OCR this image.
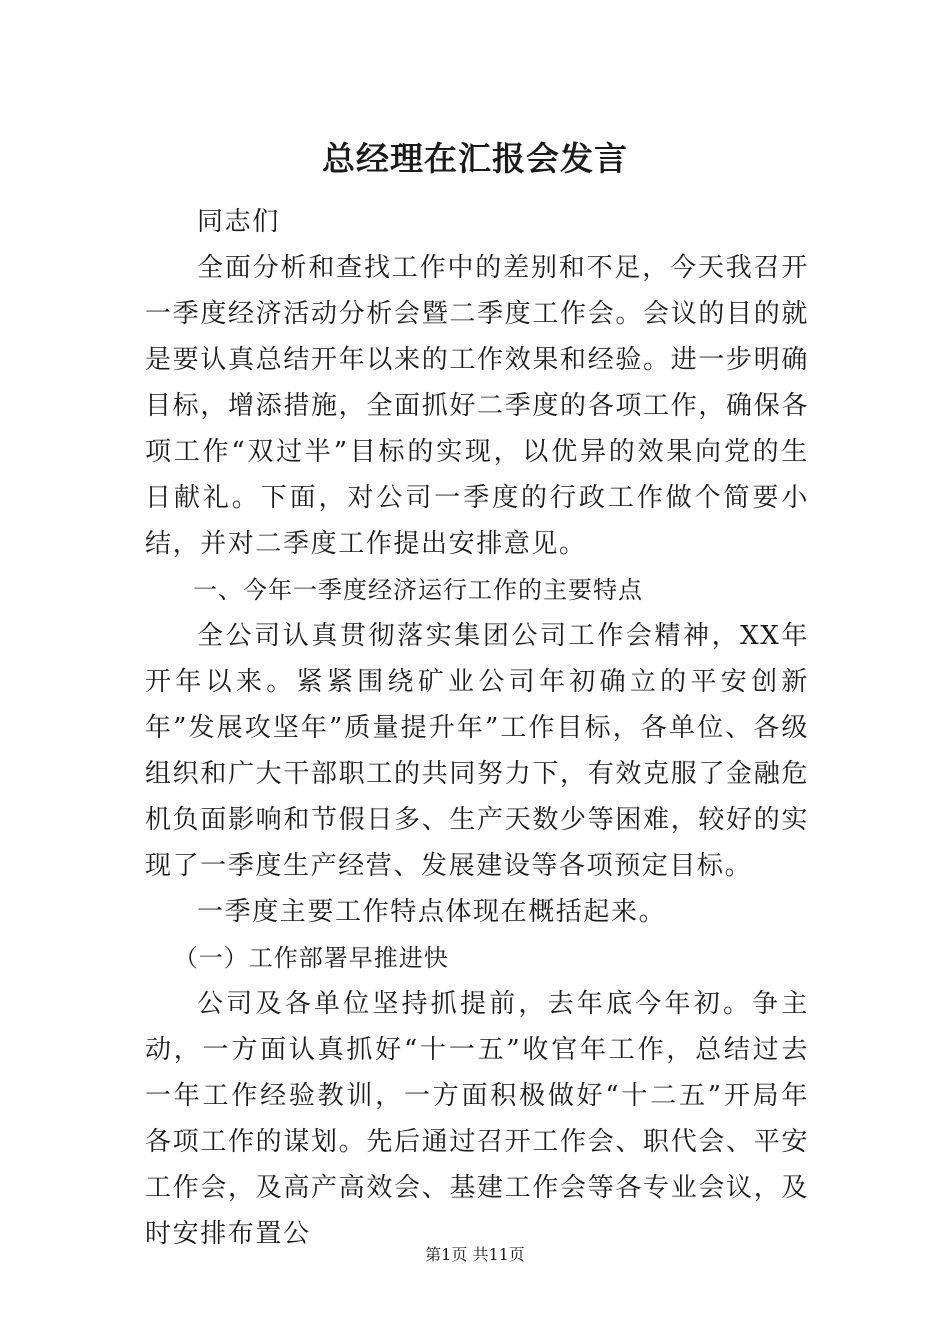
总经理在汇报会发言

同志们

全面分析和查找工作中的差别和不足，今天我召开一季度经济活动分析会暨二季度工作会。会议的目的就是要认真总结开年以来的工作效果和经验。进一步明确目标，增添措施，全面抓好二季度的各项工作，确保各项工作“双过半”目标的实现，以优异的效果向党的生日献礼。下面，对公司一季度的行政工作做个简要小结，并对二季度工作提出安排意见。

一、今年一季度经济运行工作的主要特点

全公司认真贯彻落实集团公司工作会精神，XX年开年以来。紧紧围绕矿业公司年初确立的平安创新年”发展攻坚年”质量提升年”工作目标，各单位、各级组织和广大干部职工的共同努力下，有效克服了金融危机负面影响和节假日多、生产天数少等困难，较好的实现了一季度生产经营、发展建设等各项预定目标。

一季度主要工作特点体现在概括起来。

（一）工作部署早推进快

公司及各单位坚持抓提前，去年底今年初。争主动，一方面认真抓好“十一五”收官年工作，总结过去一年工作经验教训，一方面积极做好“十二五”开局年各项工作的谋划。先后通过召开工作会、职代会、平安工作会，及高产高效会、基建工作会等各专业会议，及时安排布置公

第1页 共11页
